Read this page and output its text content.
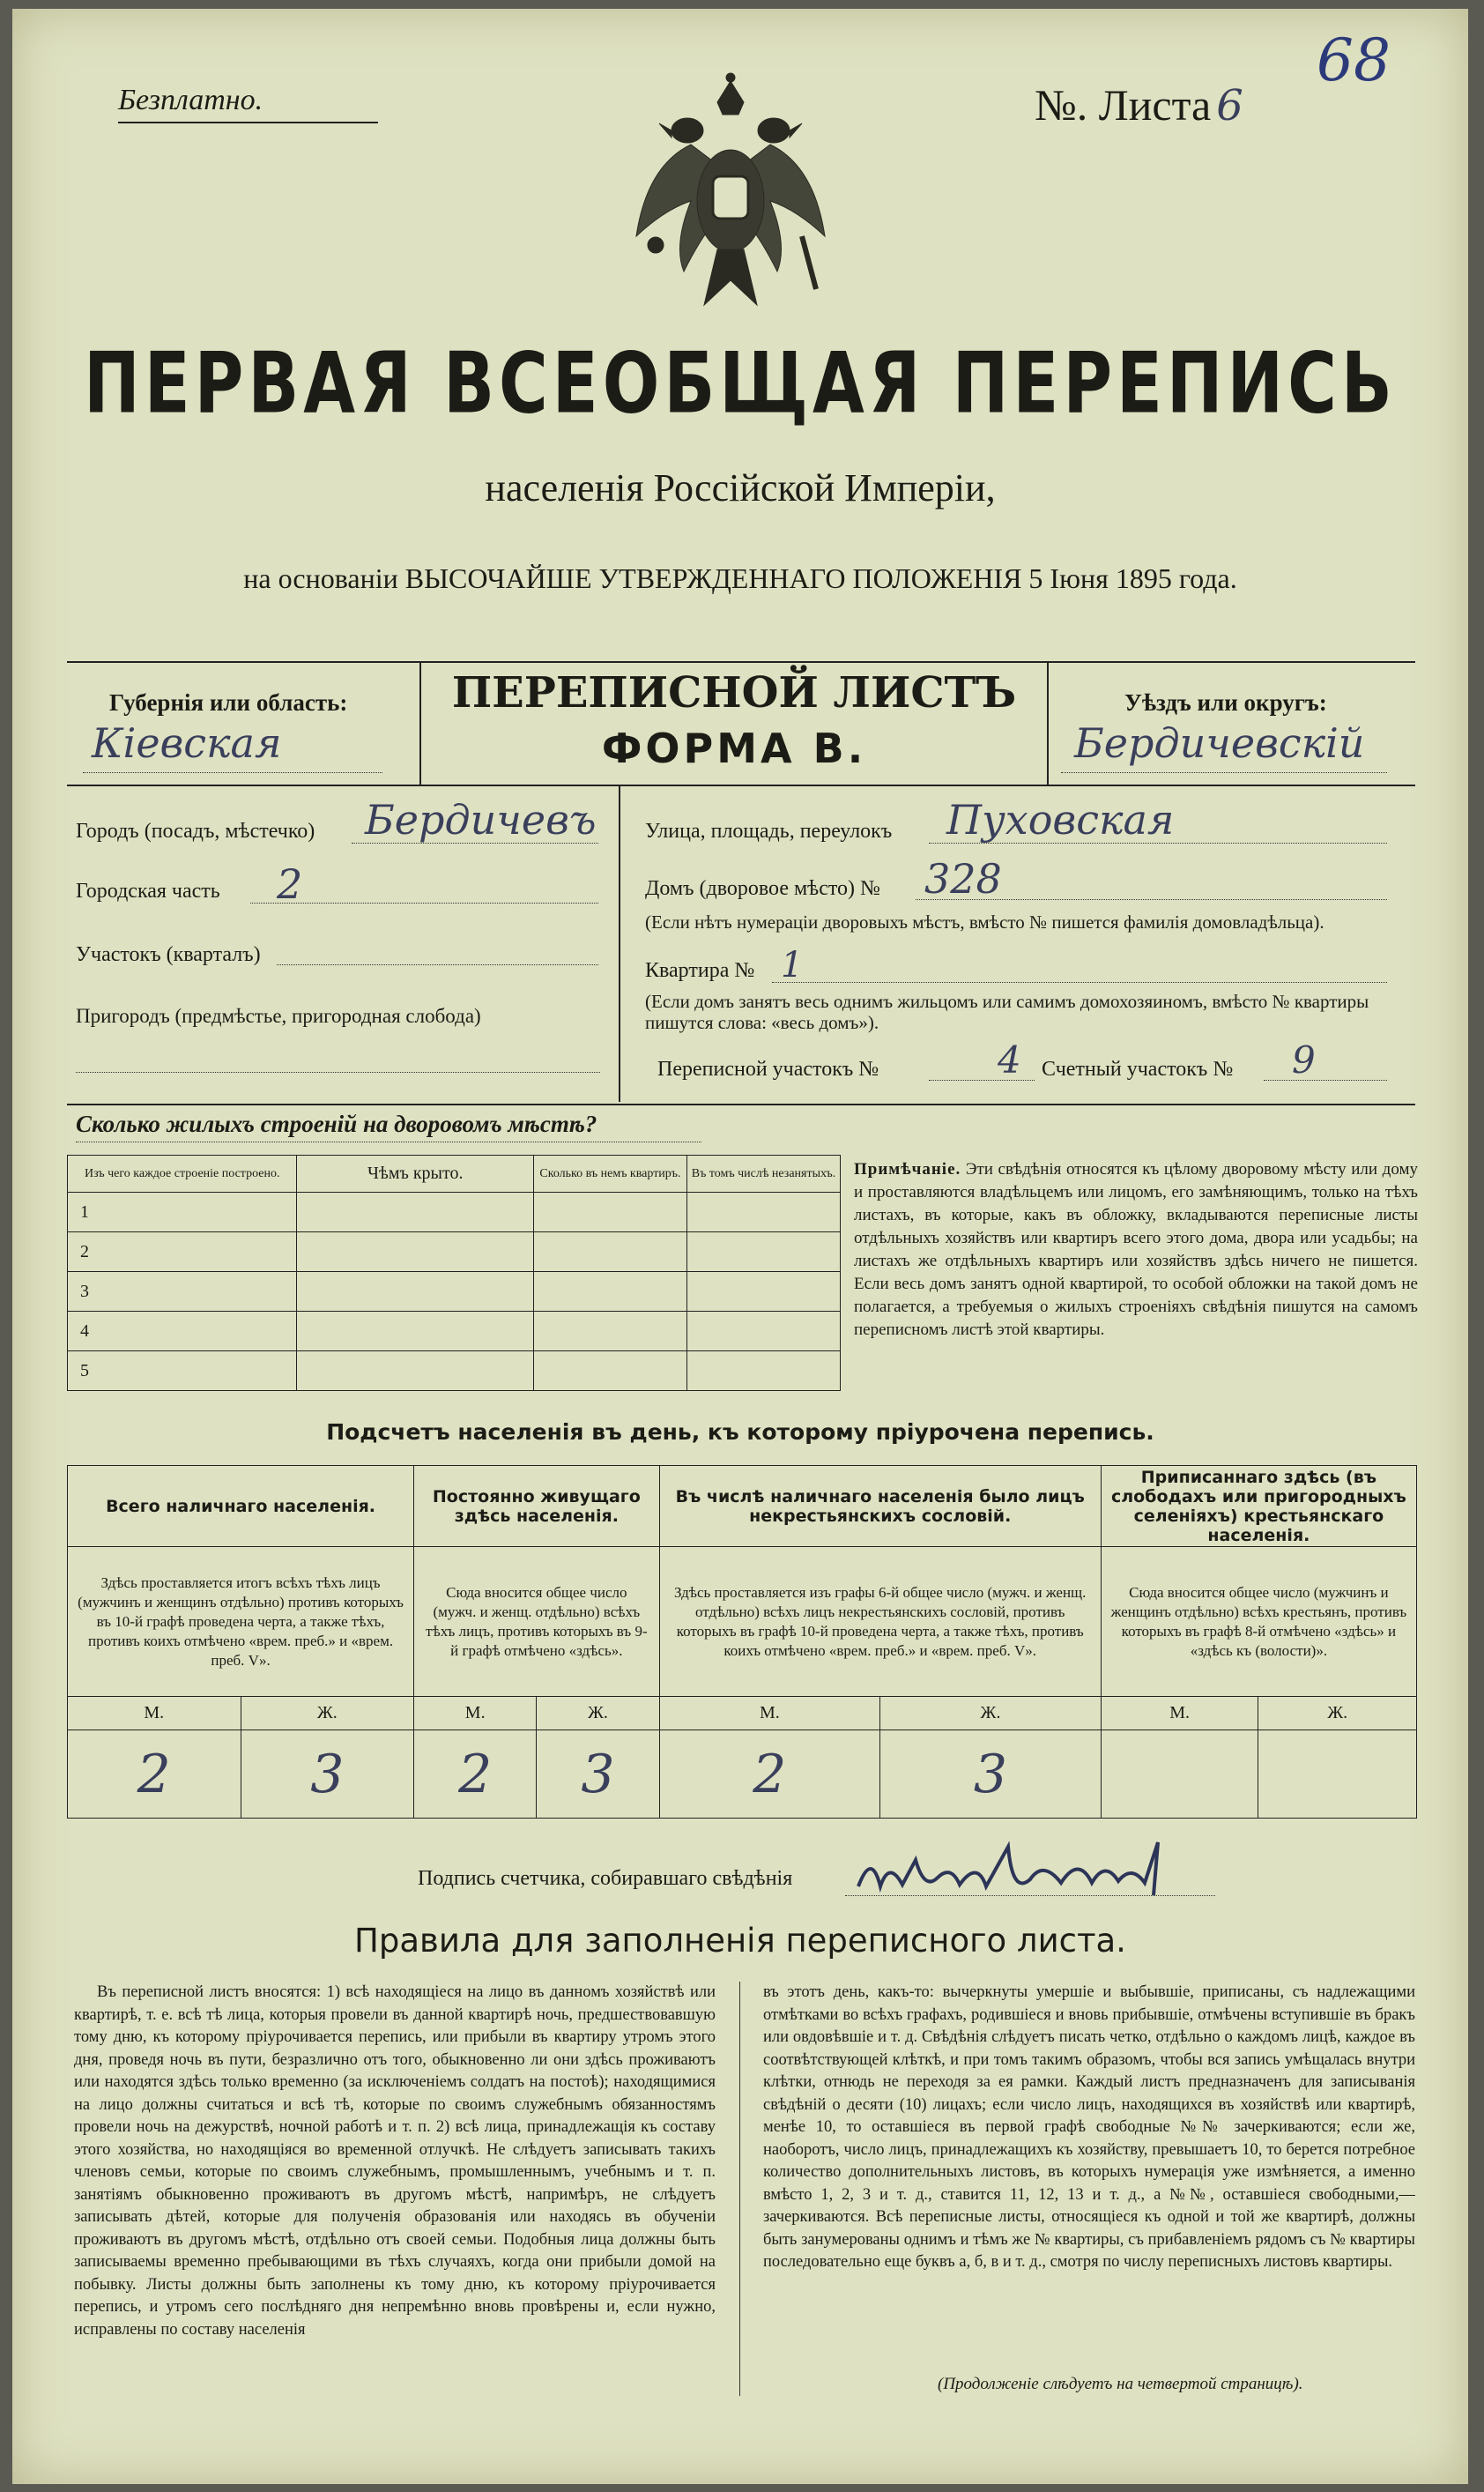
Безплатно.	№. Листа 6
68
ПЕРВАЯ ВСЕОБЩАЯ ПЕРЕПИСЬ
населенія Россійской Имперіи,
на основаніи ВЫСОЧАЙШЕ УТВЕРЖДЕННАГО ПОЛОЖЕНІЯ 5 Іюня 1895 года.
Губернія или область:
Кіевская
ПЕРЕПИСНОЙ ЛИСТЪ
ФОРМА В.
Уѣздъ или округъ:
Бердичевскій
Городъ (посадъ, мѣстечко) Бердичевъ
Городская часть 2
Участокъ (кварталъ)
Пригородъ (предмѣстье, пригородная слобода)
Улица, площадь, переулокъ Пуховская
Домъ (дворовое мѣсто) № 328
(Если нѣтъ нумераціи дворовыхъ мѣстъ, вмѣсто № пишется фамилія домовладѣльца).
Квартира № 1
(Если домъ занятъ весь однимъ жильцомъ или самимъ домохозяиномъ, вмѣсто № квартиры пишутся слова: «весь домъ»).
Переписной участокъ №	4 Счетный участокъ № 9
Сколько жилыхъ строеній на дворовомъ мѣстѣ?
Изъ чего каждое строеніе построено.	Чѣмъ крыто.	Сколько въ немъ квартиръ.	Въ томъ числѣ незанятыхъ.
1			
2			
3			
4			
5			
Примѣчаніе. Эти свѣдѣнія относятся къ цѣлому дворовому мѣсту или дому и проставляются владѣльцемъ или лицомъ, его замѣняющимъ, только на тѣхъ листахъ, въ которые, какъ въ обложку, вкладываются переписные листы отдѣльныхъ хозяйствъ или квартиръ всего этого дома, двора или усадьбы; на листахъ же отдѣльныхъ квартиръ или хозяйствъ здѣсь ничего не пишется. Если весь домъ занятъ одной квартирой, то особой обложки на такой домъ не полагается, а требуемыя о жилыхъ строеніяхъ свѣдѣнія пишутся на самомъ переписномъ листѣ этой квартиры.
Подсчетъ населенія въ день, къ которому пріурочена перепись.
Всего наличнаго населенія.		Постоянно живущаго здѣсь населенія.		Въ числѣ наличнаго населенія было лицъ некрестьянскихъ сословій.		Приписаннаго здѣсь (въ слободахъ или пригородныхъ селеніяхъ) крестьянскаго населенія.	
Здѣсь проставляется итогъ всѣхъ тѣхъ лицъ (мужчинъ и женщинъ отдѣльно) противъ которыхъ въ 10-й графѣ проведена черта, а также тѣхъ, противъ коихъ отмѣчено «врем. преб.» и «врем. преб. V».		Сюда вносится общее число (мужч. и женщ. отдѣльно) всѣхъ тѣхъ лицъ, противъ которыхъ въ 9-й графѣ отмѣчено «здѣсь».		Здѣсь проставляется изъ графы 6-й общее число (мужч. и женщ. отдѣльно) всѣхъ лицъ некрестьянскихъ сословій, противъ которыхъ въ графѣ 10-й проведена черта, а также тѣхъ, противъ коихъ отмѣчено «врем. преб.» и «врем. преб. V».		Сюда вносится общее число (мужчинъ и женщинъ отдѣльно) всѣхъ крестьянъ, противъ которыхъ въ графѣ 8-й отмѣчено «здѣсь» и «здѣсь къ (волости)».	
М.	Ж.	М.	Ж.	М.	Ж.	М.	Ж.
2	3	2	3	2	3		
Подпись счетчика, собиравшаго свѣдѣнія
Правила для заполненія переписного листа.
Въ переписной листъ вносятся: 1) всѣ находящіеся на лицо въ данномъ хозяйствѣ или квартирѣ, т. е. всѣ тѣ лица, которыя провели въ данной квартирѣ ночь, предшествовавшую тому дню, къ которому пріурочивается перепись, или прибыли въ квартиру утромъ этого дня, проведя ночь въ пути, безразлично отъ того, обыкновенно ли они здѣсь проживаютъ или находятся здѣсь только временно (за исключеніемъ солдатъ на постоѣ); находящимися на лицо должны считаться и всѣ тѣ, которые по своимъ служебнымъ обязанностямъ провели ночь на дежурствѣ, ночной работѣ и т. п. 2) всѣ лица, принадлежащія къ составу этого хозяйства, но находящіяся во временной отлучкѣ. Не слѣдуетъ записывать такихъ членовъ семьи, которые по своимъ служебнымъ, промышленнымъ, учебнымъ и т. п. занятіямъ обыкновенно проживаютъ въ другомъ мѣстѣ, напримѣръ, не слѣдуетъ записывать дѣтей, которые для полученія образованія или находясь въ обученіи проживаютъ въ другомъ мѣстѣ, отдѣльно отъ своей семьи. Подобныя лица должны быть записываемы временно пребывающими въ тѣхъ случаяхъ, когда они прибыли домой на побывку. Листы должны быть заполнены къ тому дню, къ которому пріурочивается перепись, и утромъ сего послѣдняго дня непремѣнно вновь провѣрены и, если нужно, исправлены по составу населенія
въ этотъ день, какъ-то: вычеркнуты умершіе и выбывшіе, приписаны, съ надлежащими отмѣтками во всѣхъ графахъ, родившіеся и вновь прибывшіе, отмѣчены вступившіе въ бракъ или овдовѣвшіе и т. д. Свѣдѣнія слѣдуетъ писать четко, отдѣльно о каждомъ лицѣ, каждое въ соотвѣтствующей клѣткѣ, и при томъ такимъ образомъ, чтобы вся запись умѣщалась внутри клѣтки, отнюдь не переходя за ея рамки. Каждый листъ предназначенъ для записыванія свѣдѣній о десяти (10) лицахъ; если число лицъ, находящихся въ хозяйствѣ или квартирѣ, менѣе 10, то оставшіеся въ первой графѣ свободные №№ зачеркиваются; если же, наоборотъ, число лицъ, принадлежащихъ къ хозяйству, превышаетъ 10, то берется потребное количество дополнительныхъ листовъ, въ которыхъ нумерація уже измѣняется, а именно вмѣсто 1, 2, 3 и т. д., ставится 11, 12, 13 и т. д., а №№, оставшіеся свободными,—зачеркиваются. Всѣ переписные листы, относящіеся къ одной и той же квартирѣ, должны быть занумерованы однимъ и тѣмъ же № квартиры, съ прибавленіемъ рядомъ съ № квартиры последовательно еще буквъ а, б, в и т. д., смотря по числу переписныхъ листовъ квартиры.
(Продолженіе слѣдуетъ на четвертой страницѣ).
